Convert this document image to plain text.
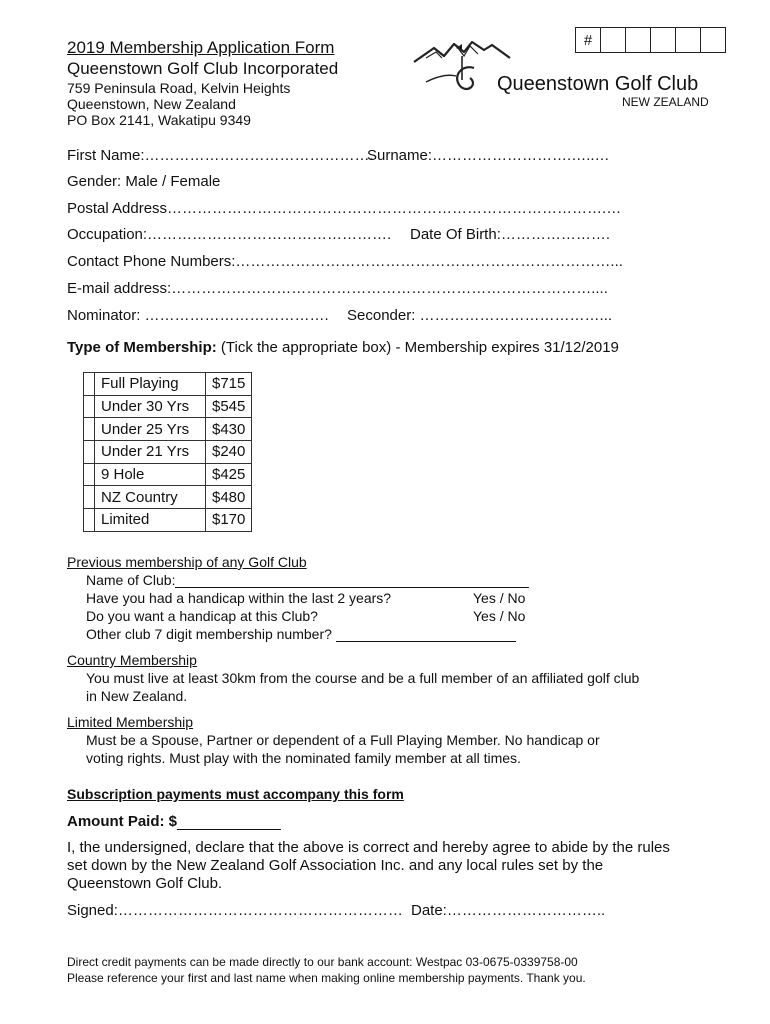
#
2019 Membership Application Form
Queenstown Golf Club Incorporated
759 Peninsula Road, Kelvin Heights
Queenstown, New Zealand
PO Box 2141, Wakatipu 9349
Queenstown Golf Club
NEW ZEALAND
First Name:……………………………………….
Surname:……………………….…..…
Gender: Male / Female
Postal Address…………………………………………………………………………….…
Occupation:…………………………………………. Date Of Birth:………………….
Contact Phone Numbers:…………………………………………………………………...
E-mail address:…………………………………………………………………………....
Nominator: ………………………………. Seconder: ………………………………...
Type of Membership: (Tick the appropriate box) - Membership expires 31/12/2019
	Full Playing	$715
	Under 30 Yrs	$545
	Under 25 Yrs	$430
	Under 21 Yrs	$240
	9 Hole	$425
	NZ Country	$480
	Limited	$170
Previous membership of any Golf Club
Name of Club:
Have you had a handicap within the last 2 years?	Yes / No
Do you want a handicap at this Club?	Yes / No
Other club 7 digit membership number?
Country Membership
You must live at least 30km from the course and be a full member of an affiliated golf club
in New Zealand.
Limited Membership
Must be a Spouse, Partner or dependent of a Full Playing Member. No handicap or
voting rights. Must play with the nominated family member at all times.
Subscription payments must accompany this form
Amount Paid: $
I, the undersigned, declare that the above is correct and hereby agree to abide by the rules
set down by the New Zealand Golf Association Inc. and any local rules set by the
Queenstown Golf Club.
Signed:………………………………………………… Date:…………………………..
Direct credit payments can be made directly to our bank account: Westpac 03-0675-0339758-00
Please reference your first and last name when making online membership payments. Thank you.
